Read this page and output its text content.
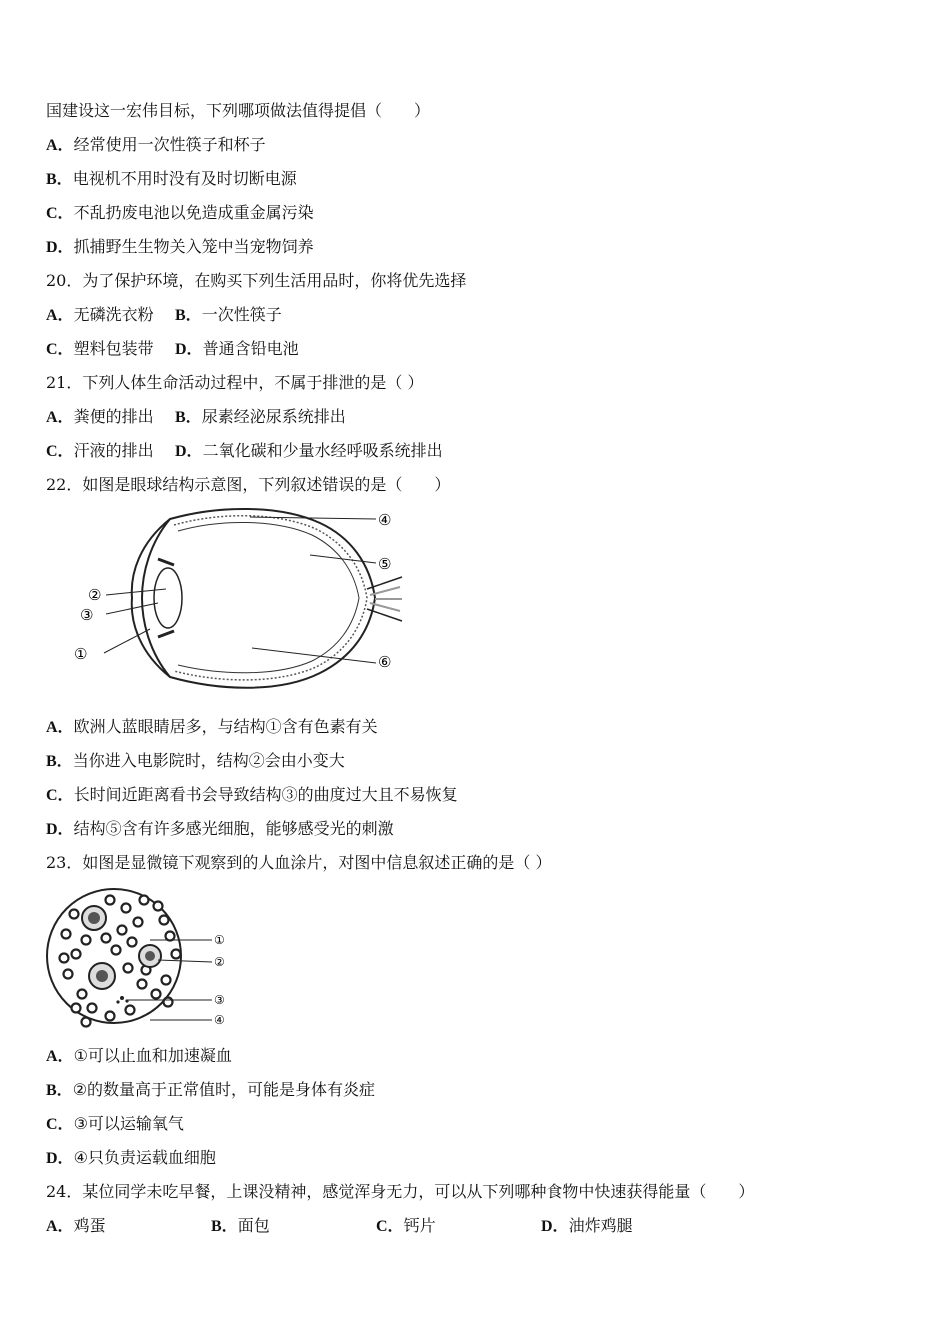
国建设这一宏伟目标，下列哪项做法值得提倡（　　）
A．经常使用一次性筷子和杯子
B．电视机不用时没有及时切断电源
C．不乱扔废电池以免造成重金属污染
D．抓捕野生生物关入笼中当宠物饲养
20．为了保护环境，在购买下列生活用品时，你将优先选择

A．无磷洗衣粉

B．一次性筷子

C．塑料包装带

D．普通含铅电池

21．下列人体生命活动过程中，不属于排泄的是（ ）

A．粪便的排出

B．尿素经泌尿系统排出

C．汗液的排出

D．二氧化碳和少量水经呼吸系统排出

22．如图是眼球结构示意图，下列叙述错误的是（　　）
④
⑤
②
③
①	⑥
A．欧洲人蓝眼睛居多，与结构①含有色素有关
B．当你进入电影院时，结构②会由小变大
C．长时间近距离看书会导致结构③的曲度过大且不易恢复
D．结构⑤含有许多感光细胞，能够感受光的刺激
23．如图是显微镜下观察到的人血涂片，对图中信息叙述正确的是（ ）
①
②
③
④
A．①可以止血和加速凝血
B．②的数量高于正常值时，可能是身体有炎症
C．③可以运输氧气
D．④只负责运载血细胞
24．某位同学未吃早餐，上课没精神，感觉浑身无力，可以从下列哪种食物中快速获得能量（　　）

A．鸡蛋

	B．面包

	C．钙片

	D．油炸鸡腿
